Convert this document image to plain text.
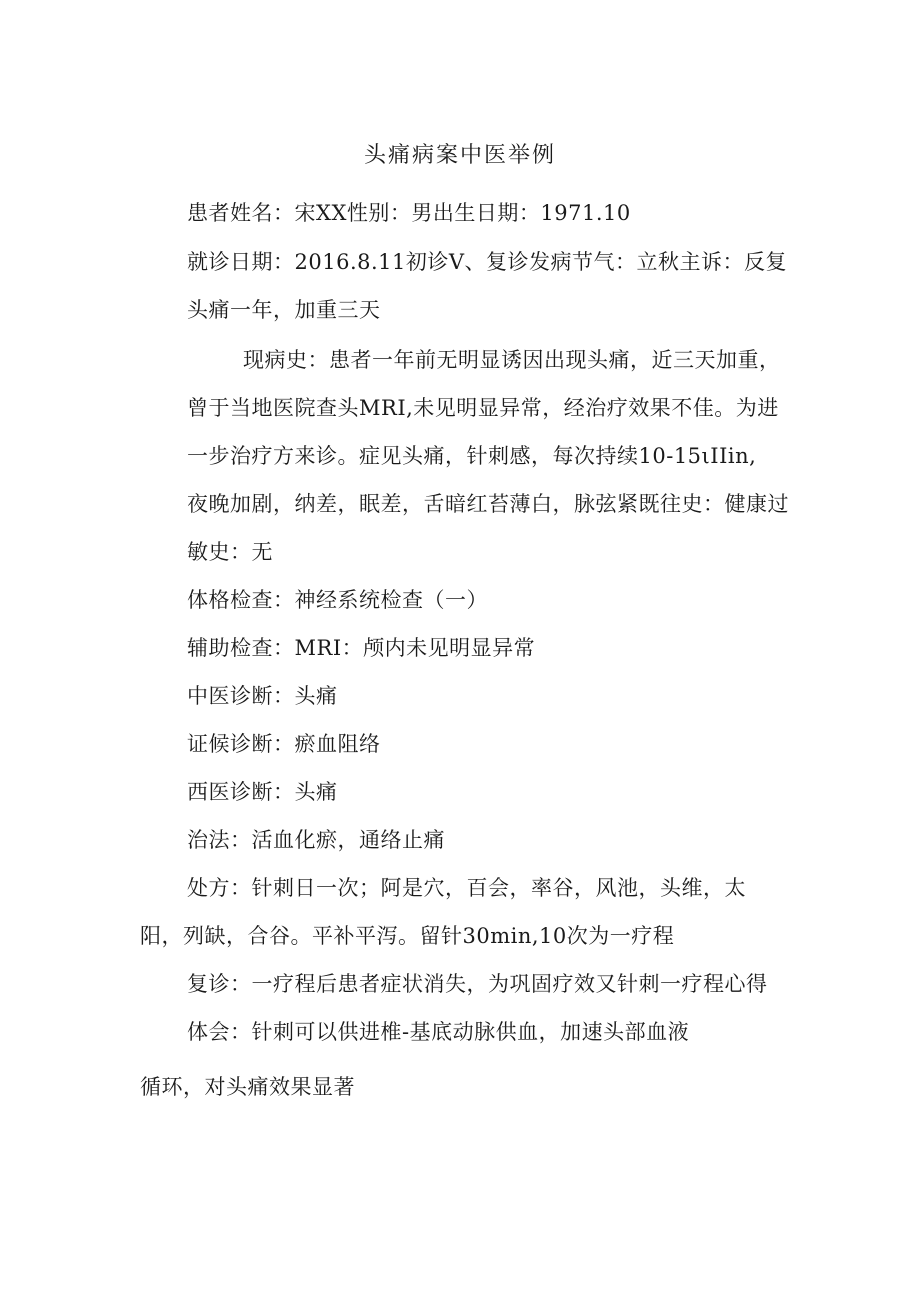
头痛病案中医举例
患者姓名：宋XX性别：男出生日期：1971.10
就诊日期：2016.8.11初诊V、复诊发病节气：立秋主诉：反复
头痛一年，加重三天
现病史：患者一年前无明显诱因出现头痛，近三天加重，
曾于当地医院查头MRI,未见明显异常，经治疗效果不佳。为进
一步治疗方来诊。症见头痛，针刺感，每次持续10-15ιIIin,
夜晚加剧，纳差，眠差，舌暗红苔薄白，脉弦紧既往史：健康过
敏史：无
体格检查：神经系统检查（一）
辅助检查：MRI：颅内未见明显异常
中医诊断：头痛
证候诊断：瘀血阻络
西医诊断：头痛
治法：活血化瘀，通络止痛
处方：针刺日一次；阿是穴，百会，率谷，风池，头维，太
阳，列缺，合谷。平补平泻。留针30min,10次为一疗程
复诊：一疗程后患者症状消失，为巩固疗效又针刺一疗程心得
体会：针刺可以供进椎-基底动脉供血，加速头部血液
循环，对头痛效果显著
